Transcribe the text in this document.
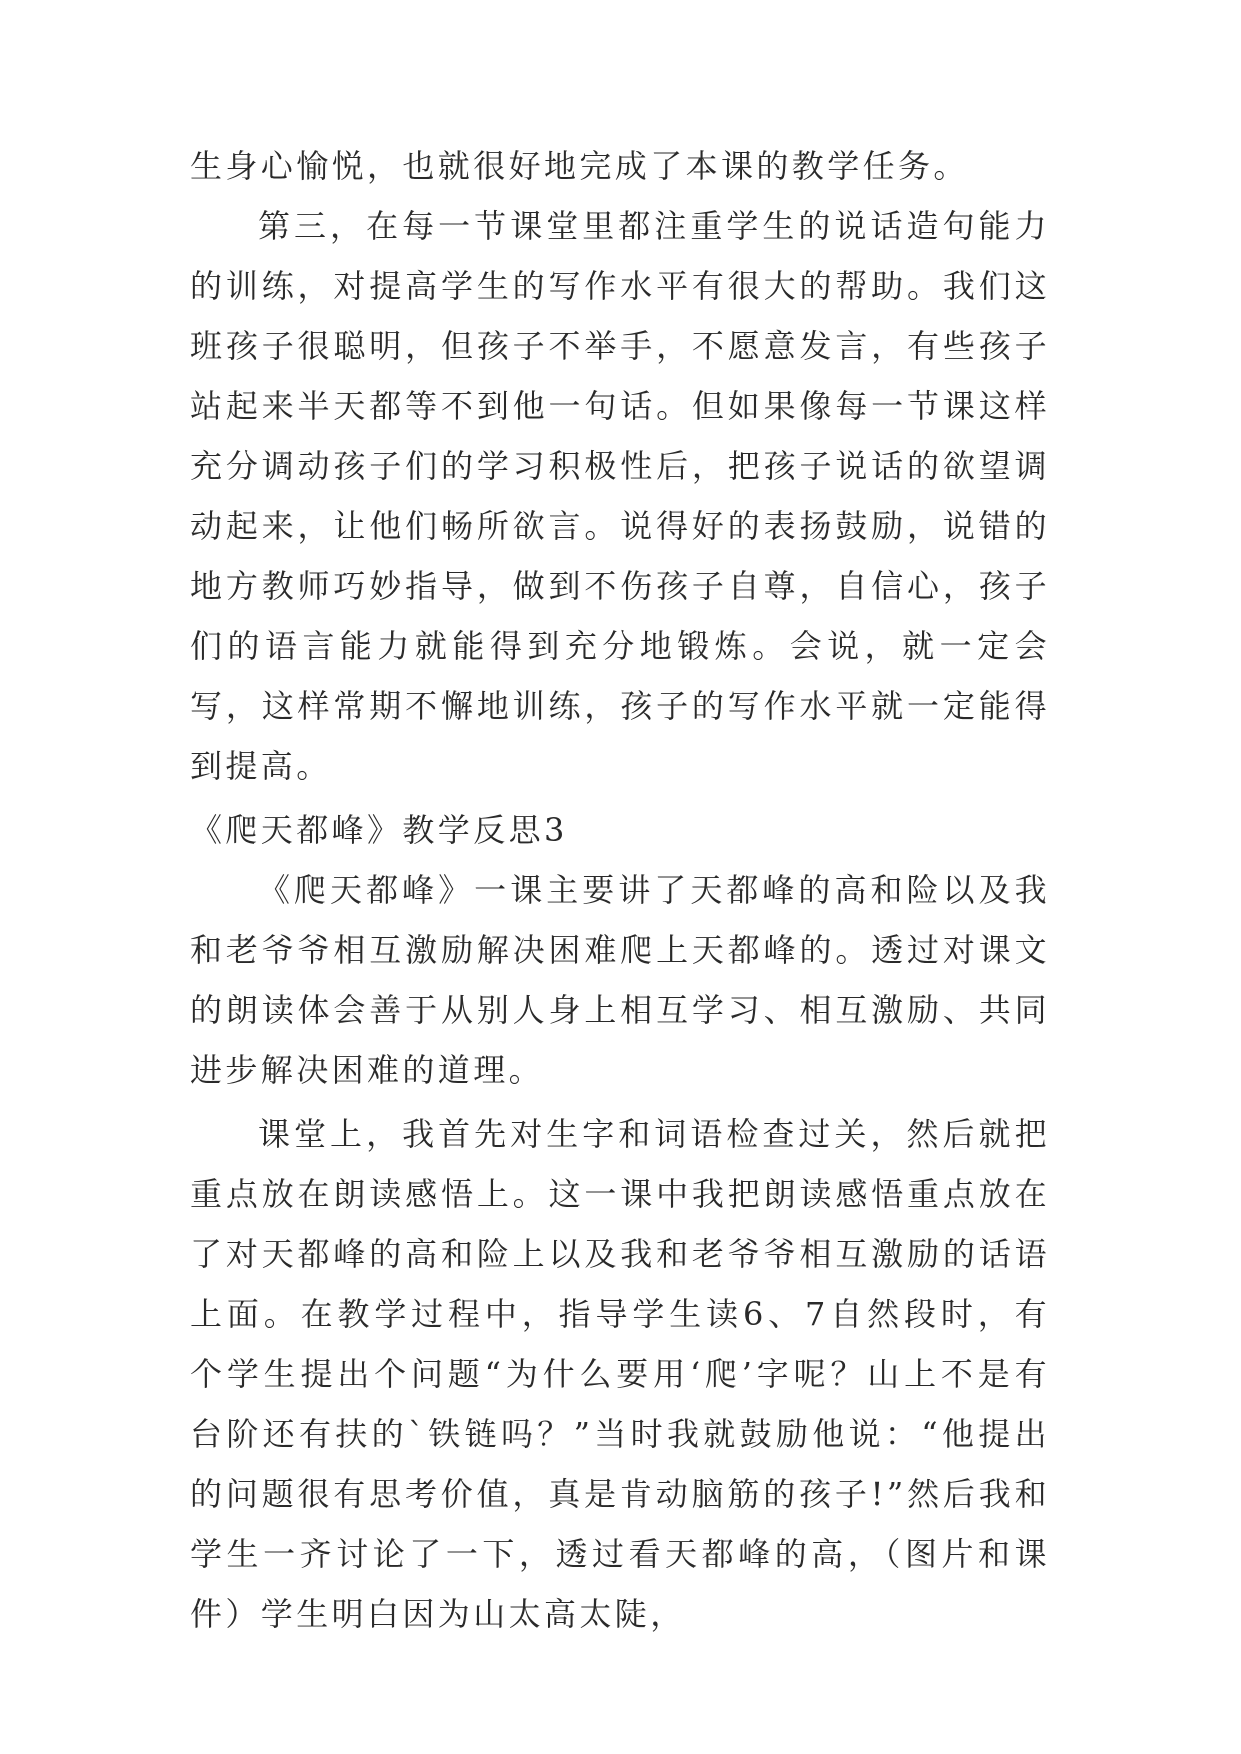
生身心愉悦，也就很好地完成了本课的教学任务。

第三，在每一节课堂里都注重学生的说话造句能力的训练，对提高学生的写作水平有很大的帮助。我们这班孩子很聪明，但孩子不举手，不愿意发言，有些孩子站起来半天都等不到他一句话。但如果像每一节课这样充分调动孩子们的学习积极性后，把孩子说话的欲望调动起来，让他们畅所欲言。说得好的表扬鼓励，说错的地方教师巧妙指导，做到不伤孩子自尊，自信心，孩子们的语言能力就能得到充分地锻炼。会说，就一定会写，这样常期不懈地训练，孩子的写作水平就一定能得到提高。

《爬天都峰》教学反思3

《爬天都峰》一课主要讲了天都峰的高和险以及我和老爷爷相互激励解决困难爬上天都峰的。透过对课文的朗读体会善于从别人身上相互学习、相互激励、共同进步解决困难的道理。

课堂上，我首先对生字和词语检查过关，然后就把重点放在朗读感悟上。这一课中我把朗读感悟重点放在了对天都峰的高和险上以及我和老爷爷相互激励的话语上面。在教学过程中，指导学生读6、7自然段时，有个学生提出个问题“为什么要用‘爬’字呢？山上不是有台阶还有扶的`铁链吗？”当时我就鼓励他说：“他提出的问题很有思考价值，真是肯动脑筋的孩子!”然后我和学生一齐讨论了一下，透过看天都峰的高，（图片和课件）学生明白因为山太高太陡，
